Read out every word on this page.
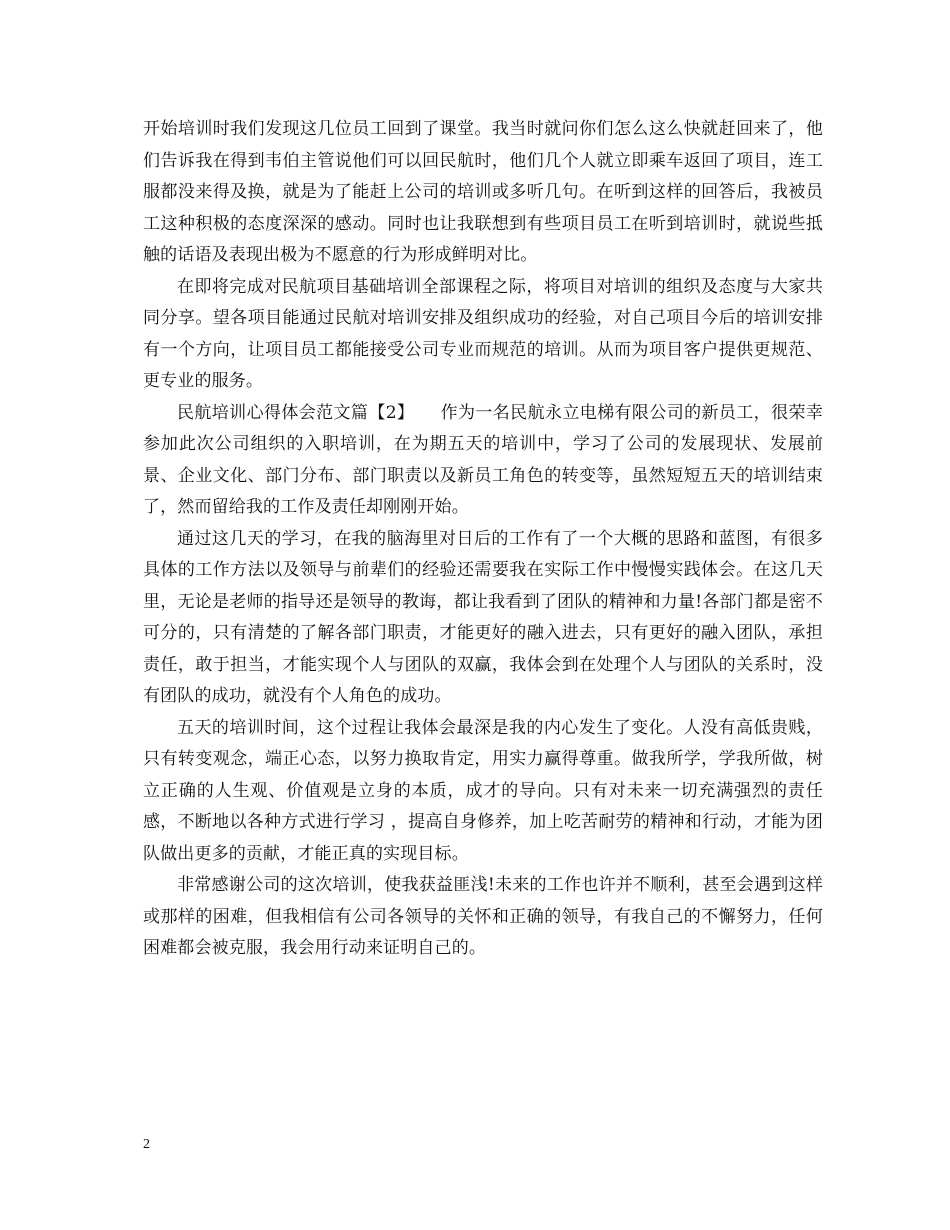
开始培训时我们发现这几位员工回到了课堂。我当时就问你们怎么这么快就赶回来了，他们告诉我在得到韦伯主管说他们可以回民航时，他们几个人就立即乘车返回了项目，连工服都没来得及换，就是为了能赶上公司的培训或多听几句。在听到这样的回答后，我被员工这种积极的态度深深的感动。同时也让我联想到有些项目员工在听到培训时，就说些抵触的话语及表现出极为不愿意的行为形成鲜明对比。

在即将完成对民航项目基础培训全部课程之际，将项目对培训的组织及态度与大家共同分享。望各项目能通过民航对培训安排及组织成功的经验，对自己项目今后的培训安排有一个方向，让项目员工都能接受公司专业而规范的培训。从而为项目客户提供更规范、更专业的服务。

民航培训心得体会范文篇【2】　　作为一名民航永立电梯有限公司的新员工，很荣幸参加此次公司组织的入职培训，在为期五天的培训中，学习了公司的发展现状、发展前景、企业文化、部门分布、部门职责以及新员工角色的转变等，虽然短短五天的培训结束了，然而留给我的工作及责任却刚刚开始。

通过这几天的学习，在我的脑海里对日后的工作有了一个大概的思路和蓝图，有很多具体的工作方法以及领导与前辈们的经验还需要我在实际工作中慢慢实践体会。在这几天里，无论是老师的指导还是领导的教诲，都让我看到了团队的精神和力量!各部门都是密不可分的，只有清楚的了解各部门职责，才能更好的融入进去，只有更好的融入团队，承担责任，敢于担当，才能实现个人与团队的双赢，我体会到在处理个人与团队的关系时，没有团队的成功，就没有个人角色的成功。

五天的培训时间，这个过程让我体会最深是我的内心发生了变化。人没有高低贵贱，只有转变观念，端正心态，以努力换取肯定，用实力赢得尊重。做我所学，学我所做，树立正确的人生观、价值观是立身的本质，成才的导向。只有对未来一切充满强烈的责任感，不断地以各种方式进行学习 ，提高自身修养，加上吃苦耐劳的精神和行动，才能为团队做出更多的贡献，才能正真的实现目标。

非常感谢公司的这次培训，使我获益匪浅!未来的工作也许并不顺利，甚至会遇到这样或那样的困难，但我相信有公司各领导的关怀和正确的领导，有我自己的不懈努力，任何困难都会被克服，我会用行动来证明自己的。

2
